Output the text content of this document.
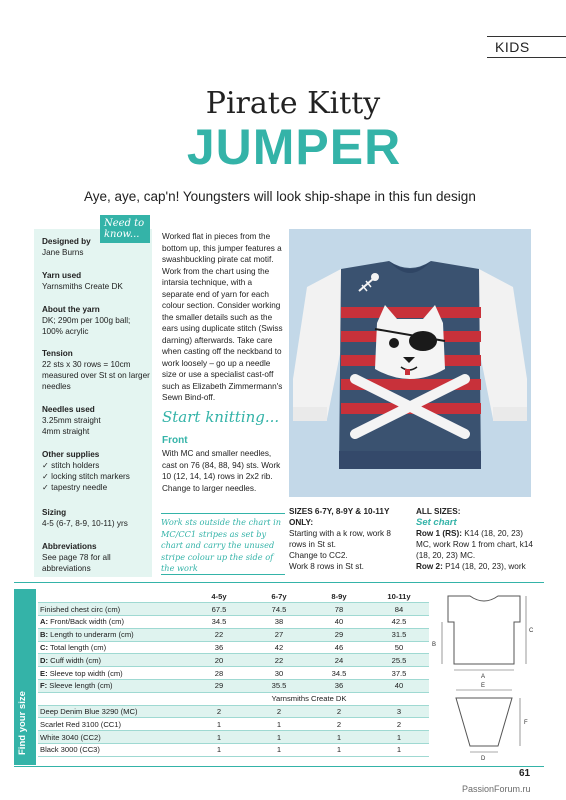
KIDS
Pirate Kitty
JUMPER
Aye, aye, cap'n! Youngsters will look ship-shape in this fun design
Need to know...
Designed by
Jane Burns
Yarn used
Yarnsmiths Create DK
About the yarn
DK; 290m per 100g ball; 100% acrylic
Tension
22 sts x 30 rows = 10cm measured over St st on larger needles
Needles used
3.25mm straight
4mm straight
Other supplies
✓ stitch holders
✓ locking stitch markers
✓ tapestry needle
Sizing
4-5 (6-7, 8-9, 10-11) yrs
Abbreviations
See page 78 for all abbreviations
Worked flat in pieces from the bottom up, this jumper features a swashbuckling pirate cat motif. Work from the chart using the intarsia technique, with a separate end of yarn for each colour section. Consider working the smaller details such as the ears using duplicate stitch (Swiss darning) afterwards. Take care when casting off the neckband to work loosely – go up a needle size or use a specialist cast-off such as Elizabeth Zimmermann's Sewn Bind-off.
Start knitting...
Front
With MC and smaller needles, cast on 76 (84, 88, 94) sts. Work 10 (12, 14, 14) rows in 2x2 rib. Change to larger needles.
Work sts outside the chart in MC/CC1 stripes as set by chart and carry the unused stripe colour up the side of the work
SIZES 6-7Y, 8-9Y & 10-11Y ONLY:
Starting with a k row, work 8 rows in St st.
Change to CC2.
Work 8 rows in St st.
ALL SIZES:
Set chart
Row 1 (RS): K14 (18, 20, 23) MC, work Row 1 from chart, k14 (18, 20, 23) MC.
Row 2: P14 (18, 20, 23), work
Find your size
	4-5y	6-7y	8-9y	10-11y
Finished chest circ (cm)	67.5	74.5	78	84
A: Front/Back width (cm)	34.5	38	40	42.5
B: Length to underarm (cm)	22	27	29	31.5
C: Total length (cm)	36	42	46	50
D: Cuff width (cm)	20	22	24	25.5
E: Sleeve top width (cm)	28	30	34.5	37.5
F: Sleeve length (cm)	29	35.5	36	40
	Yarnsmiths Create DK			
Deep Denim Blue 3290 (MC)	2	2	2	3
Scarlet Red 3100 (CC1)	1	1	2	2
White 3040 (CC2)	1	1	1	1
Black 3000 (CC3)	1	1	1	1
A
B
C
E
F
D
61
PassionForum.ru
